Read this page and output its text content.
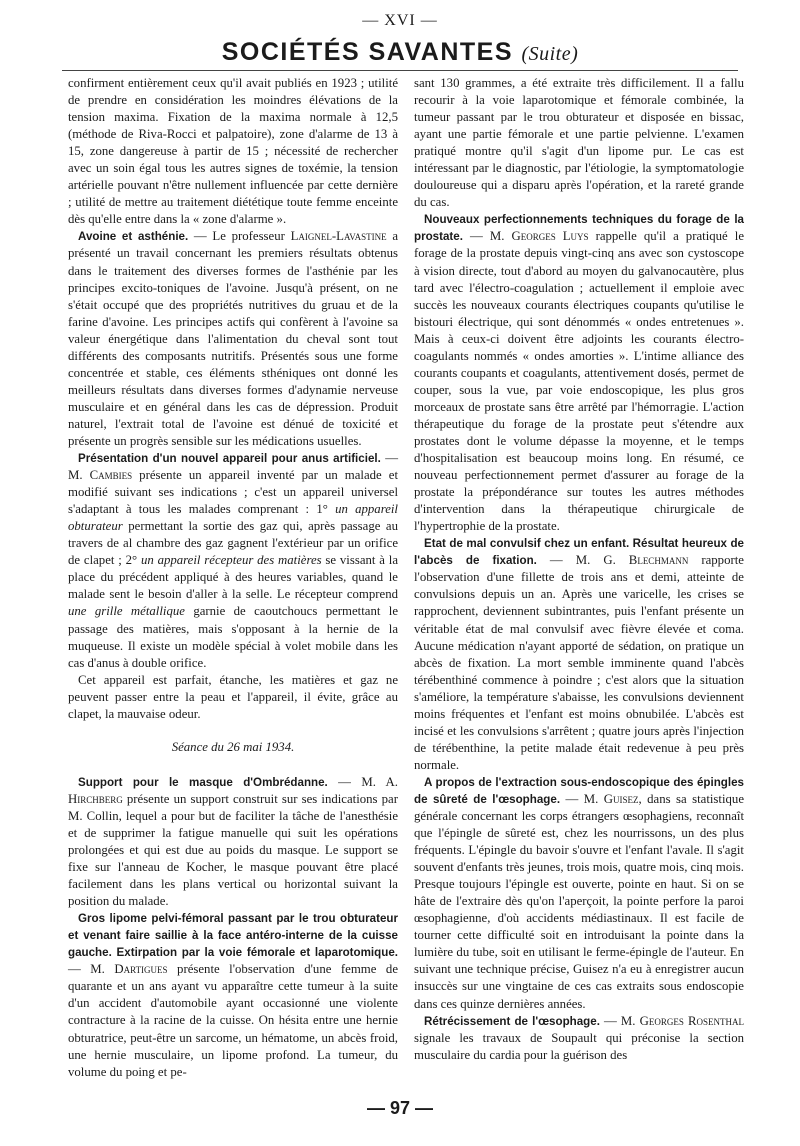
— XVI —
SOCIÉTÉS SAVANTES (Suite)

confirment entièrement ceux qu'il avait publiés en 1923 ; utilité de prendre en considération les moindres élévations de la tension maxima. Fixation de la maxima normale à 12,5 (méthode de Riva-Rocci et palpatoire), zone d'alarme de 13 à 15, zone dangereuse à partir de 15 ; nécessité de rechercher avec un soin égal tous les autres signes de toxémie, la tension artérielle pouvant n'être nullement influencée par cette dernière ; utilité de mettre au traitement diététique toute femme enceinte dès qu'elle entre dans la « zone d'alarme ».

Avoine et asthénie. — Le professeur Laignel-Lavastine a présenté un travail concernant les premiers résultats obtenus dans le traitement des diverses formes de l'asthénie par les principes excito-toniques de l'avoine. Jusqu'à présent, on ne s'était occupé que des propriétés nutritives du gruau et de la farine d'avoine. Les principes actifs qui confèrent à l'avoine sa valeur énergétique dans l'alimentation du cheval sont tout différents des composants nutritifs. Présentés sous une forme concentrée et stable, ces éléments sthéniques ont donné les meilleurs résultats dans diverses formes d'adynamie nerveuse musculaire et en général dans les cas de dépression. Produit naturel, l'extrait total de l'avoine est dénué de toxicité et présente un progrès sensible sur les médications usuelles.

Présentation d'un nouvel appareil pour anus artificiel. — M. Cambies présente un appareil inventé par un malade et modifié suivant ses indications ; c'est un appareil universel s'adaptant à tous les malades comprenant : 1° un appareil obturateur permettant la sortie des gaz qui, après passage au travers de al chambre des gaz gagnent l'extérieur par un orifice de clapet ; 2° un appareil récepteur des matières se vissant à la place du précédent appliqué à des heures variables, quand le malade sent le besoin d'aller à la selle. Le récepteur comprend une grille métallique garnie de caoutchoucs permettant le passage des matières, mais s'opposant à la hernie de la muqueuse. Il existe un modèle spécial à volet mobile dans les cas d'anus à double orifice.

Cet appareil est parfait, étanche, les matières et gaz ne peuvent passer entre la peau et l'appareil, il évite, grâce au clapet, la mauvaise odeur.

Séance du 26 mai 1934.

Support pour le masque d'Ombrédanne. — M. A. Hirchberg présente un support construit sur ses indications par M. Collin, lequel a pour but de faciliter la tâche de l'anesthésie et de supprimer la fatigue manuelle qui suit les opérations prolongées et qui est due au poids du masque. Le support se fixe sur l'anneau de Kocher, le masque pouvant être placé facilement dans les plans vertical ou horizontal suivant la position du malade.

Gros lipome pelvi-fémoral passant par le trou obturateur et venant faire saillie à la face antéro-interne de la cuisse gauche. Extirpation par la voie fémorale et laparotomique. — M. Dartigues présente l'observation d'une femme de quarante et un ans ayant vu apparaître cette tumeur à la suite d'un accident d'automobile ayant occasionné une violente contracture à la racine de la cuisse. On hésita entre une hernie obturatrice, peut-être un sarcome, un hématome, un abcès froid, une hernie musculaire, un lipome profond. La tumeur, du volume du poing et pe-

sant 130 grammes, a été extraite très difficilement. Il a fallu recourir à la voie laparotomique et fémorale combinée, la tumeur passant par le trou obturateur et disposée en bissac, ayant une partie fémorale et une partie pelvienne. L'examen pratiqué montre qu'il s'agit d'un lipome pur. Le cas est intéressant par le diagnostic, par l'étiologie, la symptomatologie douloureuse qui a disparu après l'opération, et la rareté grande du cas.

Nouveaux perfectionnements techniques du forage de la prostate. — M. Georges Luys rappelle qu'il a pratiqué le forage de la prostate depuis vingt-cinq ans avec son cystoscope à vision directe, tout d'abord au moyen du galvanocautère, plus tard avec l'électro-coagulation ; actuellement il emploie avec succès les nouveaux courants électriques coupants qu'utilise le bistouri électrique, qui sont dénommés « ondes entretenues ». Mais à ceux-ci doivent être adjoints les courants électro-coagulants nommés « ondes amorties ». L'intime alliance des courants coupants et coagulants, attentivement dosés, permet de couper, sous la vue, par voie endoscopique, les plus gros morceaux de prostate sans être arrêté par l'hémorragie. L'action thérapeutique du forage de la prostate peut s'étendre aux prostates dont le volume dépasse la moyenne, et le temps d'hospitalisation est beaucoup moins long. En résumé, ce nouveau perfectionnement permet d'assurer au forage de la prostate la prépondérance sur toutes les autres méthodes d'intervention dans la thérapeutique chirurgicale de l'hypertrophie de la prostate.

Etat de mal convulsif chez un enfant. Résultat heureux de l'abcès de fixation. — M. G. Blechmann rapporte l'observation d'une fillette de trois ans et demi, atteinte de convulsions depuis un an. Après une varicelle, les crises se rapprochent, deviennent subintrantes, puis l'enfant présente un véritable état de mal convulsif avec fièvre élevée et coma. Aucune médication n'ayant apporté de sédation, on pratique un abcès de fixation. La mort semble imminente quand l'abcès térébenthiné commence à poindre ; c'est alors que la situation s'améliore, la température s'abaisse, les convulsions deviennent moins fréquentes et l'enfant est moins obnubilée. L'abcès est incisé et les convulsions s'arrêtent ; quatre jours après l'injection de térébenthine, la petite malade était redevenue à peu près normale.

A propos de l'extraction sous-endoscopique des épingles de sûreté de l'œsophage. — M. Guisez, dans sa statistique générale concernant les corps étrangers œsophagiens, reconnaît que l'épingle de sûreté est, chez les nourrissons, un des plus fréquents. L'épingle du bavoir s'ouvre et l'enfant l'avale. Il s'agit souvent d'enfants très jeunes, trois mois, quatre mois, cinq mois. Presque toujours l'épingle est ouverte, pointe en haut. Si on se hâte de l'extraire dès qu'on l'aperçoit, la pointe perfore la paroi œsophagienne, d'où accidents médiastinaux. Il est facile de tourner cette difficulté soit en introduisant la pointe dans la lumière du tube, soit en utilisant le ferme-épingle de l'auteur. En suivant une technique précise, Guisez n'a eu à enregistrer aucun insuccès sur une vingtaine de ces cas extraits sous endoscopie dans ces quinze dernières années.

Rétrécissement de l'œsophage. — M. Georges Rosenthal signale les travaux de Soupault qui préconise la section musculaire du cardia pour la guérison des

— 97 —
